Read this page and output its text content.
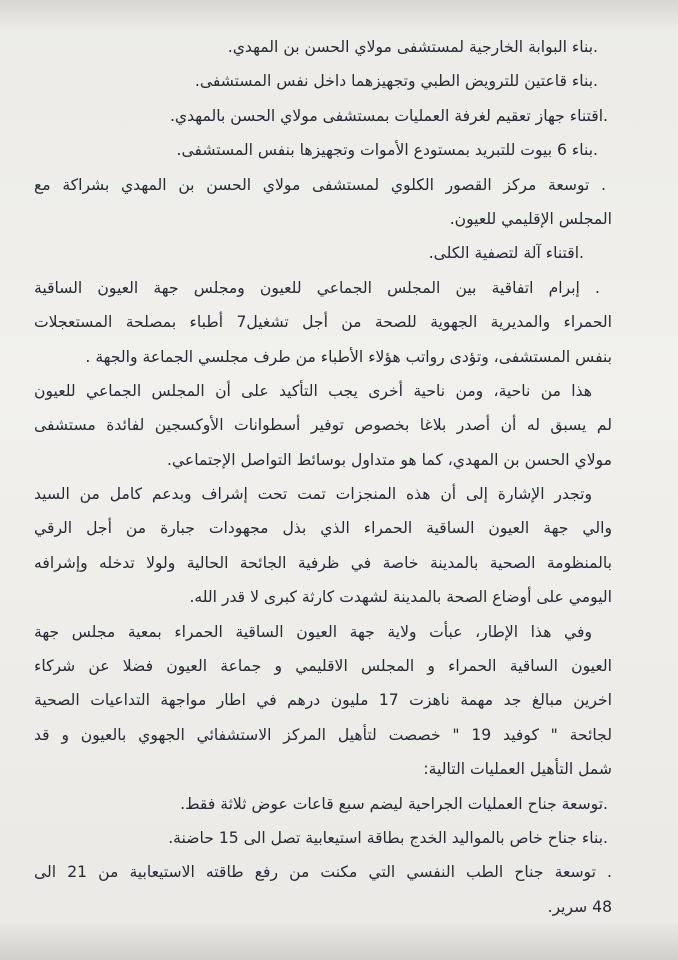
.بناء البوابة الخارجية لمستشفى مولاي الحسن بن المهدي.
.بناء قاعتين للترويض الطبي وتجهيزهما داخل نفس المستشفى.
.اقتناء جهاز تعقيم لغرفة العمليات بمستشفى مولاي الحسن بالمهدي.
.بناء 6 بيوت للتبريد بمستودع الأموات وتجهيزها بنفس المستشفى.
. توسعة مركز القصور الكلوي لمستشفى مولاي الحسن بن المهدي بشراكة مع
المجلس الإقليمي للعيون.
.اقتناء آلة لتصفية الكلى.
. إبرام اتفاقية بين المجلس الجماعي للعيون ومجلس جهة العيون الساقية
الحمراء والمديرية الجهوية للصحة من أجل تشغيل7 أطباء بمصلحة المستعجلات
بنفس المستشفى، وتؤدى رواتب هؤلاء الأطباء من طرف مجلسي الجماعة والجهة .
هذا من ناحية، ومن ناحية أخرى يجب التأكيد على أن المجلس الجماعي للعيون
لم يسبق له أن أصدر بلاغا بخصوص توفير أسطوانات الأوكسجين لفائدة مستشفى
مولاي الحسن بن المهدي، كما هو متداول بوسائط التواصل الإجتماعي.
وتجدر الإشارة إلى أن هذه المنجزات تمت تحت إشراف وبدعم كامل من السيد
والي جهة العيون الساقية الحمراء الذي بذل مجهودات جبارة من أجل الرقي
بالمنظومة الصحية بالمدينة خاصة في ظرفية الجائحة الحالية ولولا تدخله وإشرافه
اليومي على أوضاع الصحة بالمدينة لشهدت كارثة كبرى لا قدر الله.
وفي هذا الإطار، عبأت ولاية جهة العيون الساقية الحمراء بمعية مجلس جهة
العيون الساقية الحمراء و المجلس الاقليمي و جماعة العيون فضلا عن شركاء
اخرين مبالغ جد مهمة ناهزت 17 مليون درهم في اطار مواجهة التداعيات الصحية
لجائحة " كوفيد 19 " خصصت لتأهيل المركز الاستشفائي الجهوي بالعيون و قد
شمل التأهيل العمليات التالية:
.توسعة جناح العمليات الجراحية ليضم سبع قاعات عوض ثلاثة فقط.
.بناء جناح خاص بالمواليد الخدج بطاقة استيعابية تصل الى 15 حاضنة.
. توسعة جناح الطب النفسي التي مكنت من رفع طاقته الاستيعابية من 21 الى
48 سرير.
